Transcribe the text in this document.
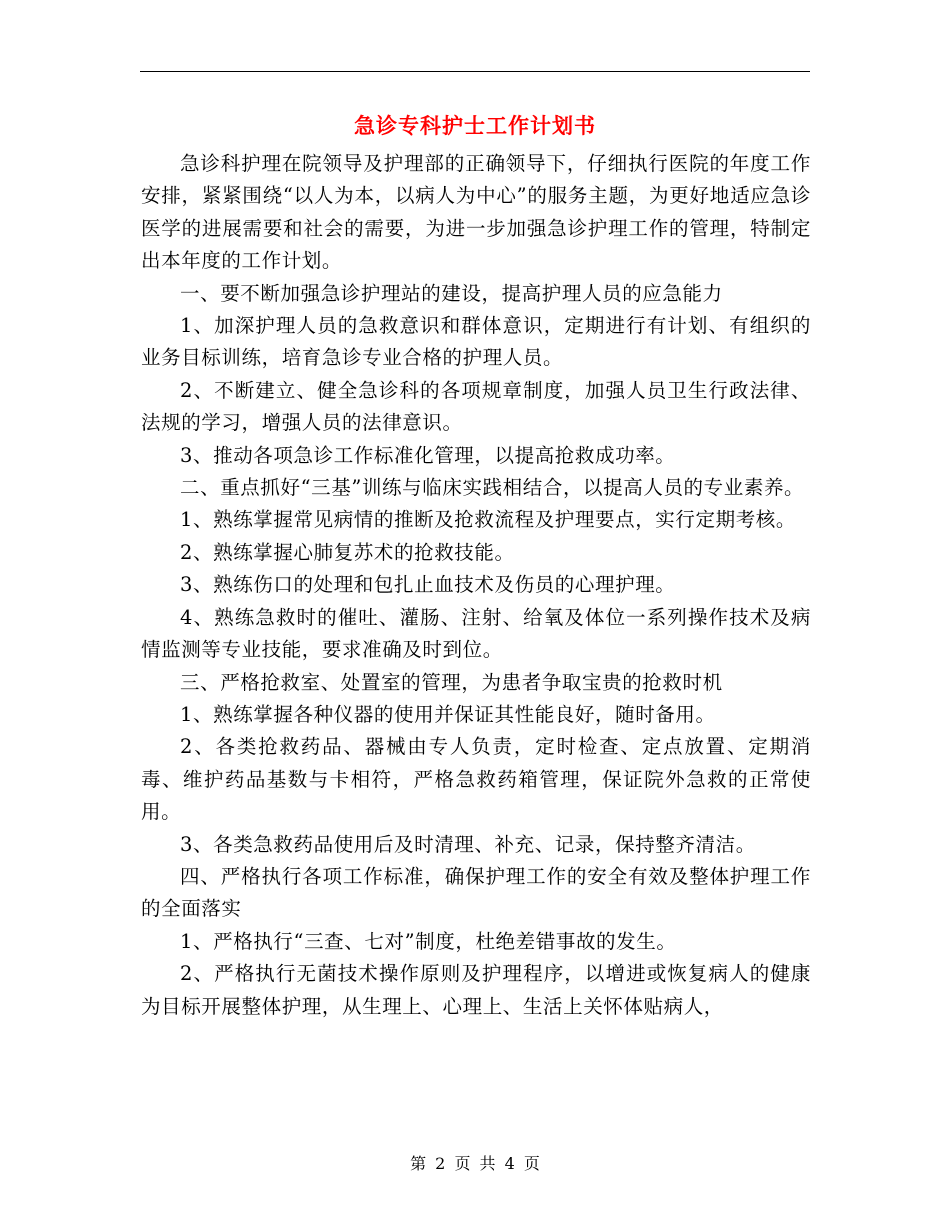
急诊专科护士工作计划书

急诊科护理在院领导及护理部的正确领导下，仔细执行医院的年度工作安排，紧紧围绕“以人为本，以病人为中心”的服务主题，为更好地适应急诊医学的进展需要和社会的需要，为进一步加强急诊护理工作的管理，特制定出本年度的工作计划。

一、要不断加强急诊护理站的建设，提高护理人员的应急能力

1、加深护理人员的急救意识和群体意识，定期进行有计划、有组织的业务目标训练，培育急诊专业合格的护理人员。

2、不断建立、健全急诊科的各项规章制度，加强人员卫生行政法律、法规的学习，增强人员的法律意识。

3、推动各项急诊工作标准化管理，以提高抢救成功率。

二、重点抓好“三基”训练与临床实践相结合，以提高人员的专业素养。

1、熟练掌握常见病情的推断及抢救流程及护理要点，实行定期考核。

2、熟练掌握心肺复苏术的抢救技能。

3、熟练伤口的处理和包扎止血技术及伤员的心理护理。

4、熟练急救时的催吐、灌肠、注射、给氧及体位一系列操作技术及病情监测等专业技能，要求准确及时到位。

三、严格抢救室、处置室的管理，为患者争取宝贵的抢救时机

1、熟练掌握各种仪器的使用并保证其性能良好，随时备用。

2、各类抢救药品、器械由专人负责，定时检查、定点放置、定期消毒、维护药品基数与卡相符，严格急救药箱管理，保证院外急救的正常使用。

3、各类急救药品使用后及时清理、补充、记录，保持整齐清洁。

四、严格执行各项工作标准，确保护理工作的安全有效及整体护理工作的全面落实

1、严格执行“三查、七对”制度，杜绝差错事故的发生。

2、严格执行无菌技术操作原则及护理程序，以增进或恢复病人的健康为目标开展整体护理，从生理上、心理上、生活上关怀体贴病人，

第 2 页 共 4 页
